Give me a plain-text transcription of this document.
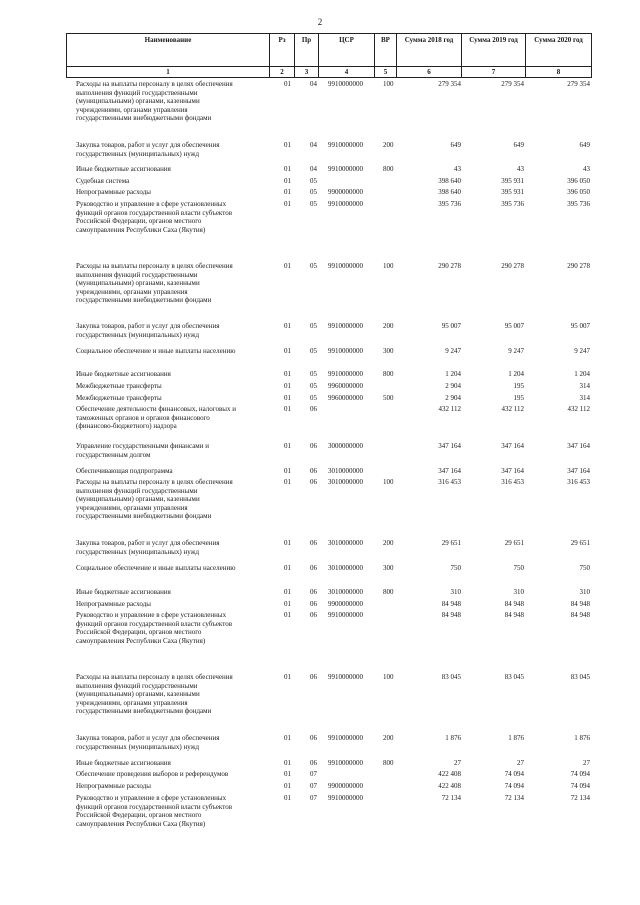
2
Наименование	Рз	Пр	ЦСР	ВР	Сумма 2018 год	Сумма 2019 год	Сумма 2020 год
1	2	3	4	5	6	7	8
Расходы на выплаты персоналу в целях обеспечения
выполнения функций государственными
(муниципальными) органами, казенными
учреждениями, органами управления
государственными внебюджетными фондами
01	04 9910000000	100	279 354	279 354	279 354
Закупка товаров, работ и услуг для обеспечения
государственных (муниципальных) нужд
01	04 9910000000	200	649	649	649
Иные бюджетные ассигнования	01	04 9910000000	800	43	43	43
Судебная система	01	05	398 640	395 931	396 050
Непрограммные расходы	01	05 9900000000	398 640	395 931	396 050
Руководство и управление в сфере установленных
функций органов государственной власти субъектов
Российской Федерации, органов местного
самоуправления Республики Саха (Якутия)
01	05 9910000000	395 736	395 736	395 736
Расходы на выплаты персоналу в целях обеспечения
выполнения функций государственными
(муниципальными) органами, казенными
учреждениями, органами управления
государственными внебюджетными фондами
01	05 9910000000	100	290 278	290 278	290 278
Закупка товаров, работ и услуг для обеспечения
государственных (муниципальных) нужд
01	05 9910000000	200	95 007	95 007	95 007
Социальное обеспечение и иные выплаты населению	01	05 9910000000	300	9 247	9 247	9 247
Иные бюджетные ассигнования	01	05 9910000000	800	1 204	1 204	1 204
Межбюджетные трансферты	01	05 9960000000	2 904	195	314
Межбюджетные трансферты	01	05 9960000000	500	2 904	195	314
Обеспечение деятельности финансовых, налоговых и
таможенных органов и органов финансового
(финансово-бюджетного) надзора
01	06	432 112	432 112	432 112
Управление государственными финансами и
государственным долгом
01	06 3000000000	347 164	347 164	347 164
Обеспечивающая подпрограмма	01	06 3010000000	347 164	347 164	347 164
Расходы на выплаты персоналу в целях обеспечения
выполнения функций государственными
(муниципальными) органами, казенными
учреждениями, органами управления
государственными внебюджетными фондами
01	06 3010000000	100	316 453	316 453	316 453
Закупка товаров, работ и услуг для обеспечения
государственных (муниципальных) нужд
01	06 3010000000	200	29 651	29 651	29 651
Социальное обеспечение и иные выплаты населению	01	06 3010000000	300	750	750	750
Иные бюджетные ассигнования	01	06 3010000000	800	310	310	310
Непрограммные расходы	01	06 9900000000	84 948	84 948	84 948
Руководство и управление в сфере установленных
функций органов государственной власти субъектов
Российской Федерации, органов местного
самоуправления Республики Саха (Якутия)
01	06 9910000000	84 948	84 948	84 948
Расходы на выплаты персоналу в целях обеспечения
выполнения функций государственными
(муниципальными) органами, казенными
учреждениями, органами управления
государственными внебюджетными фондами
01	06 9910000000	100	83 045	83 045	83 045
Закупка товаров, работ и услуг для обеспечения
государственных (муниципальных) нужд
01	06 9910000000	200	1 876	1 876	1 876
Иные бюджетные ассигнования	01	06 9910000000	800	27	27	27
Обеспечение проведения выборов и референдумов	01	07	422 408	74 094	74 094
Непрограммные расходы	01	07 9900000000	422 408	74 094	74 094
Руководство и управление в сфере установленных
функций органов государственной власти субъектов
Российской Федерации, органов местного
самоуправления Республики Саха (Якутия)
01	07 9910000000	72 134	72 134	72 134
